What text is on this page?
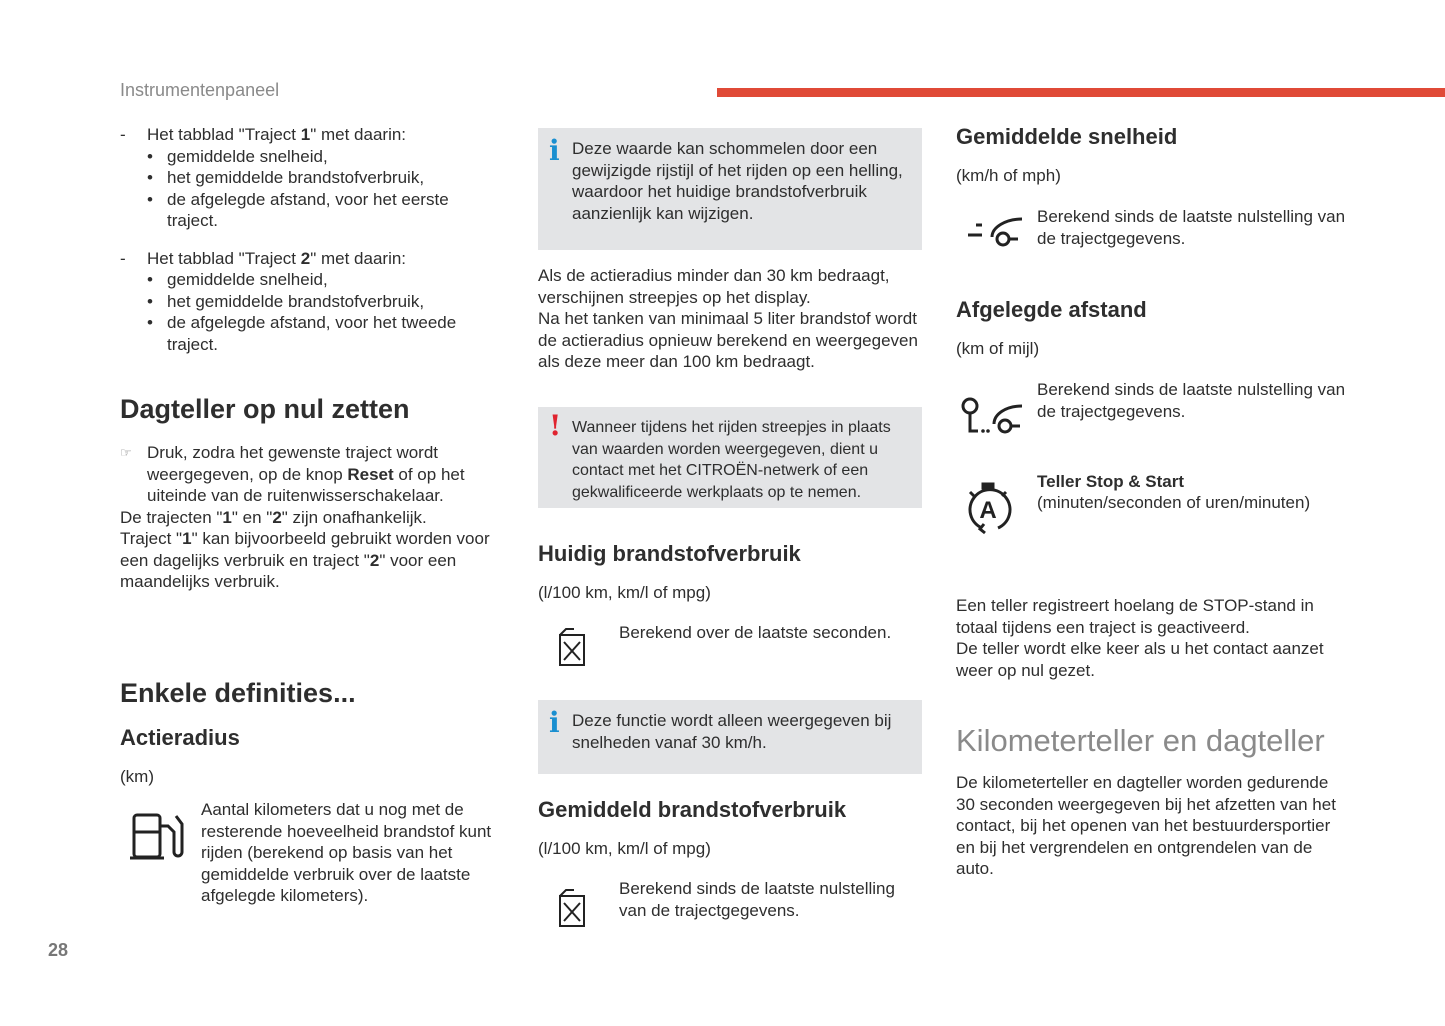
Instrumentenpaneel
- Het tabblad "Traject 1" met daarin:

• gemiddelde snelheid,
• het gemiddelde brandstofverbruik,
• de afgelegde afstand, voor het eerste traject.
- Het tabblad "Traject 2" met daarin:

• gemiddelde snelheid,
• het gemiddelde brandstofverbruik,
• de afgelegde afstand, voor het tweede traject.
Dagteller op nul zetten
☞ Druk, zodra het gewenste traject wordt weergegeven, op de knop Reset of op het uiteinde van de ruitenwisserschakelaar.

De trajecten "1" en "2" zijn onafhankelijk.

Traject "1" kan bijvoorbeeld gebruikt worden voor een dagelijks verbruik en traject "2" voor een maandelijks verbruik.

Enkele definities...
Actieradius
(km)

Aantal kilometers dat u nog met de resterende hoeveelheid brandstof kunt rijden (berekend op basis van het gemiddelde verbruik over de laatste afgelegde kilometers).

i Deze waarde kan schommelen door een gewijzigde rijstijl of het rijden op een helling, waardoor het huidige brandstofverbruik aanzienlijk kan wijzigen.

Als de actieradius minder dan 30 km bedraagt, verschijnen streepjes op het display.
Na het tanken van minimaal 5 liter brandstof wordt de actieradius opnieuw berekend en weergegeven als deze meer dan 100 km bedraagt.

! Wanneer tijdens het rijden streepjes in plaats van waarden worden weergegeven, dient u contact met het CITROËN-netwerk of een gekwalificeerde werkplaats op te nemen.

Huidig brandstofverbruik
(l/100 km, km/l of mpg)

Berekend over de laatste seconden.

i Deze functie wordt alleen weergegeven bij snelheden vanaf 30 km/h.

Gemiddeld brandstofverbruik
(l/100 km, km/l of mpg)

Berekend sinds de laatste nulstelling van de trajectgegevens.

Gemiddelde snelheid
(km/h of mph)

Berekend sinds de laatste nulstelling van de trajectgegevens.

Afgelegde afstand
(km of mijl)

Berekend sinds de laatste nulstelling van de trajectgegevens.

A

Teller Stop & Start

(minuten/seconden of uren/minuten)

Een teller registreert hoelang de STOP-stand in totaal tijdens een traject is geactiveerd.
De teller wordt elke keer als u het contact aanzet weer op nul gezet.

Kilometerteller en dagteller

De kilometerteller en dagteller worden gedurende 30 seconden weergegeven bij het afzetten van het contact, bij het openen van het bestuurdersportier en bij het vergrendelen en ontgrendelen van de auto.

28
